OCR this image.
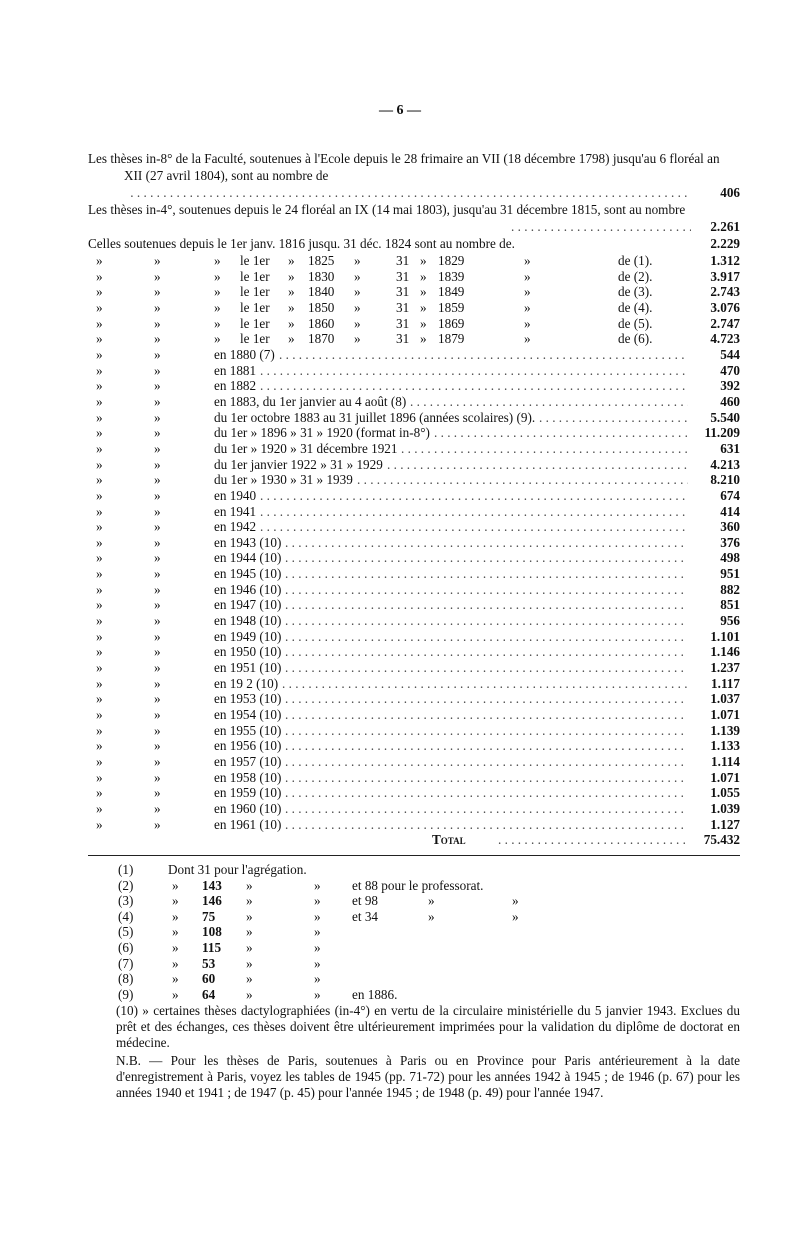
— 6 —

Les thèses in-8° de la Faculté, soutenues à l'Ecole depuis le 28 frimaire an VII (18 décembre 1798) jusqu'au 6 floréal an XII (27 avril 1804), sont au nombre de

. . .
406

Les thèses in-4°, soutenues depuis le 24 floréal an IX (14 mai 1803), jusqu'au 31 décembre 1815, sont au nombre

. . .
2.261
Celles soutenues depuis le 1er janv. 1816 jusqu. 31 déc. 1824 sont au nombre de.	2.229
»	»	» le 1er » 1825 »	31 » 1829	»	de (1).	1.312
»	»	» le 1er » 1830 »	31 » 1839	»	de (2).	3.917
»	»	» le 1er » 1840 »	31 » 1849	»	de (3).	2.743
»	»	» le 1er » 1850 »	31 » 1859	»	de (4).	3.076
»	»	» le 1er » 1860 »	31 » 1869	»	de (5).	2.747
»	»	» le 1er » 1870 »	31 » 1879	»	de (6).	4.723
»	»	en 1880 (7) . . .	544
»	»	en 1881 . . .	470
»	»	en 1882 . . .	392
»	»	en 1883, du 1er janvier au 4 août (8) . . .	460
»	»	du 1er octobre 1883 au 31 juillet 1896 (années scolaires) (9). . . .	5.540
»	»	du 1er » 1896 » 31 » 1920 (format in-8°) . . .	11.209
»	»	du 1er » 1920 » 31 décembre 1921 . . .	631
»	»	du 1er janvier 1922 » 31 » 1929 . . .	4.213
»	»	du 1er » 1930 » 31 » 1939 . . .	8.210
»	»	en 1940 . . .	674
»	»	en 1941 . . .	414
»	»	en 1942 . . .	360
»	»	en 1943 (10) . . .	376
»	»	en 1944 (10) . . .	498
»	»	en 1945 (10) . . .	951
»	»	en 1946 (10) . . .	882
»	»	en 1947 (10) . . .	851
»	»	en 1948 (10) . . .	956
»	»	en 1949 (10) . . .	1.101
»	»	en 1950 (10) . . .	1.146
»	»	en 1951 (10) . . .	1.237
»	»	en 19 2 (10) . . .	1.117
»	»	en 1953 (10) . . .	1.037
»	»	en 1954 (10) . . .	1.071
»	»	en 1955 (10) . . .	1.139
»	»	en 1956 (10) . . .	1.133
»	»	en 1957 (10) . . .	1.114
»	»	en 1958 (10) . . .	1.071
»	»	en 1959 (10) . . .	1.055
»	»	en 1960 (10) . . .	1.039
»	»	en 1961 (10) . . .	1.127
Total . . .	75.432
(1)	Dont 31 pour l'agrégation.
(2)	» 143 »	» et 88 pour le professorat.
(3)	» 146 »	» et 98	»	»
(4)	» 75 »	» et 34	»	»
(5)	» 108 »	»
(6)	» 115 »	»
(7)	» 53 »	»
(8)	» 60 »	»
(9)	» 64 »	» en 1886.
(10) » certaines thèses dactylographiées (in-4°) en vertu de la circulaire ministérielle du 5 janvier 1943. Exclues du prêt et des échanges, ces thèses doivent être ultérieurement imprimées pour la validation du diplôme de doctorat en médecine.
N.B. — Pour les thèses de Paris, soutenues à Paris ou en Province pour Paris antérieurement à la date d'enregistrement à Paris, voyez les tables de 1945 (pp. 71-72) pour les années 1942 à 1945 ; de 1946 (p. 67) pour les années 1940 et 1941 ; de 1947 (p. 45) pour l'année 1945 ; de 1948 (p. 49) pour l'année 1947.
